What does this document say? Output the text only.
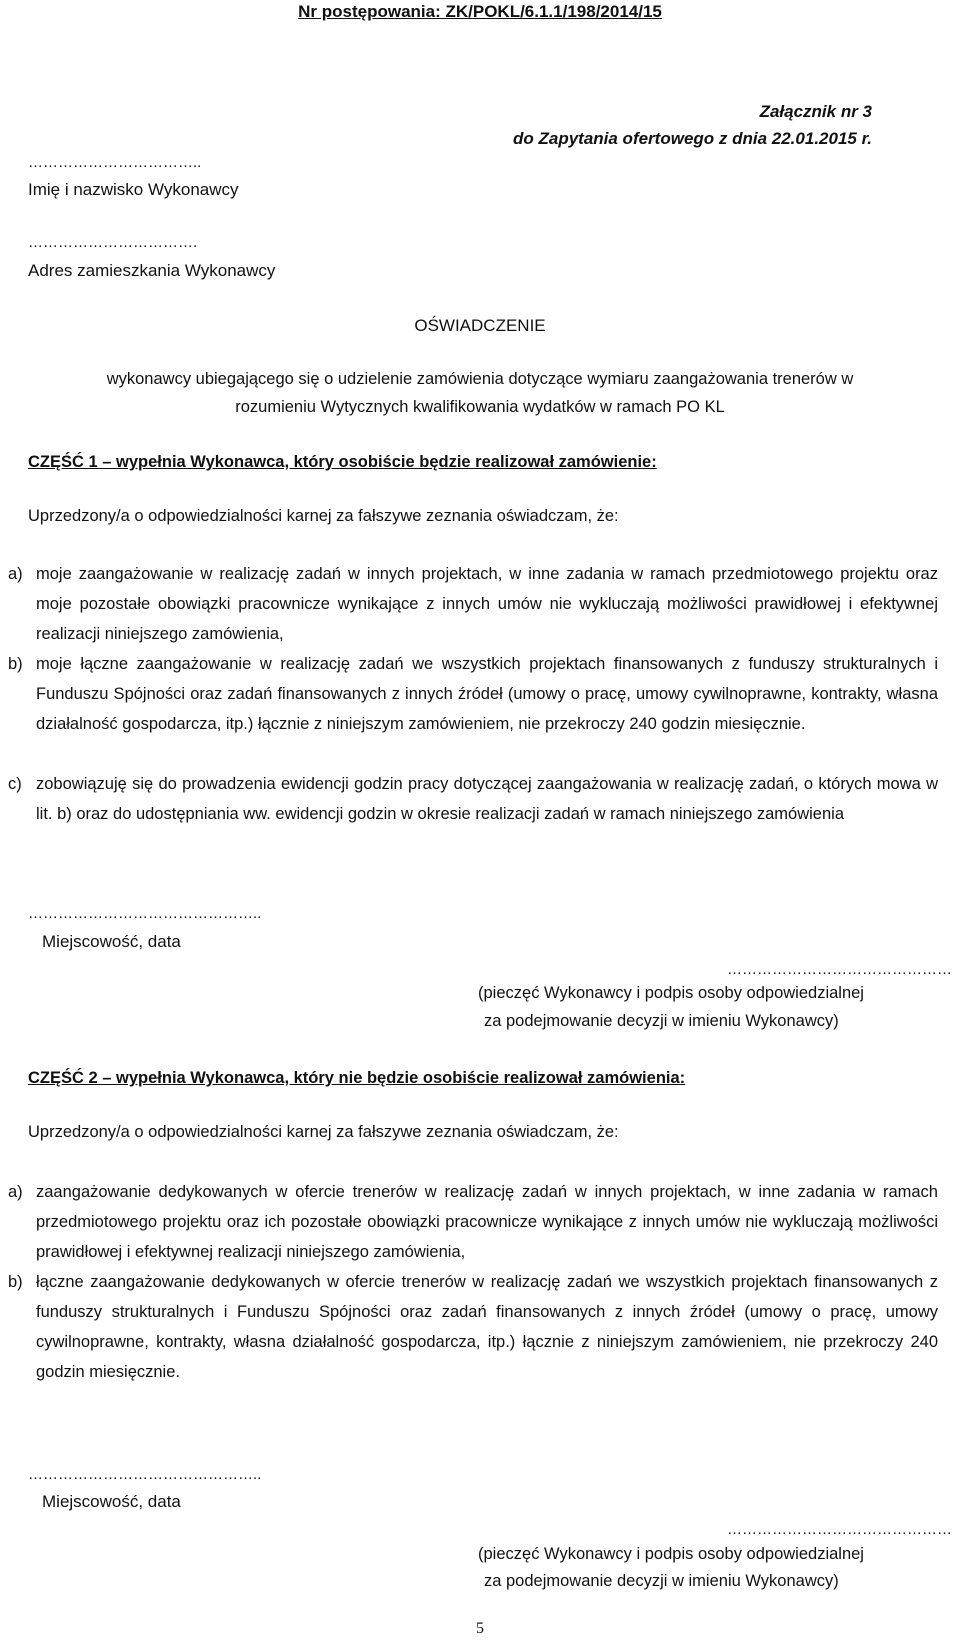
Nr postępowania: ZK/POKL/6.1.1/198/2014/15
Załącznik nr 3
do Zapytania ofertowego z dnia 22.01.2015 r.
……………………………..
Imię i nazwisko Wykonawcy
…………………………….
Adres zamieszkania Wykonawcy
OŚWIADCZENIE
wykonawcy ubiegającego się o udzielenie zamówienia dotyczące wymiaru zaangażowania trenerów w
rozumieniu Wytycznych kwalifikowania wydatków w ramach PO KL
CZĘŚĆ 1 – wypełnia Wykonawca, który osobiście będzie realizował zamówienie:
Uprzedzony/a o odpowiedzialności karnej za fałszywe zeznania oświadczam, że:
a) moje zaangażowanie w realizację zadań w innych projektach, w inne zadania w ramach przedmiotowego projektu oraz moje pozostałe obowiązki pracownicze wynikające z innych umów nie wykluczają możliwości prawidłowej i efektywnej realizacji niniejszego zamówienia,
b) moje łączne zaangażowanie w realizację zadań we wszystkich projektach finansowanych z funduszy strukturalnych i Funduszu Spójności oraz zadań finansowanych z innych źródeł (umowy o pracę, umowy cywilnoprawne, kontrakty, własna działalność gospodarcza, itp.) łącznie z niniejszym zamówieniem, nie przekroczy 240 godzin miesięcznie.
c) zobowiązuję się do prowadzenia ewidencji godzin pracy dotyczącej zaangażowania w realizację zadań, o których mowa w lit. b) oraz do udostępniania ww. ewidencji godzin w okresie realizacji zadań w ramach niniejszego zamówienia
………………………………………..
Miejscowość, data
………………………………………
(pieczęć Wykonawcy i podpis osoby odpowiedzialnej
za podejmowanie decyzji w imieniu Wykonawcy)
CZĘŚĆ 2 – wypełnia Wykonawca, który nie będzie osobiście realizował zamówienia:
Uprzedzony/a o odpowiedzialności karnej za fałszywe zeznania oświadczam, że:
a) zaangażowanie dedykowanych w ofercie trenerów w realizację zadań w innych projektach, w inne zadania w ramach przedmiotowego projektu oraz ich pozostałe obowiązki pracownicze wynikające z innych umów nie wykluczają możliwości prawidłowej i efektywnej realizacji niniejszego zamówienia,
b) łączne zaangażowanie dedykowanych w ofercie trenerów w realizację zadań we wszystkich projektach finansowanych z funduszy strukturalnych i Funduszu Spójności oraz zadań finansowanych z innych źródeł (umowy o pracę, umowy cywilnoprawne, kontrakty, własna działalność gospodarcza, itp.) łącznie z niniejszym zamówieniem, nie przekroczy 240 godzin miesięcznie.
………………………………………..
Miejscowość, data
………………………………………
(pieczęć Wykonawcy i podpis osoby odpowiedzialnej
za podejmowanie decyzji w imieniu Wykonawcy)
5
